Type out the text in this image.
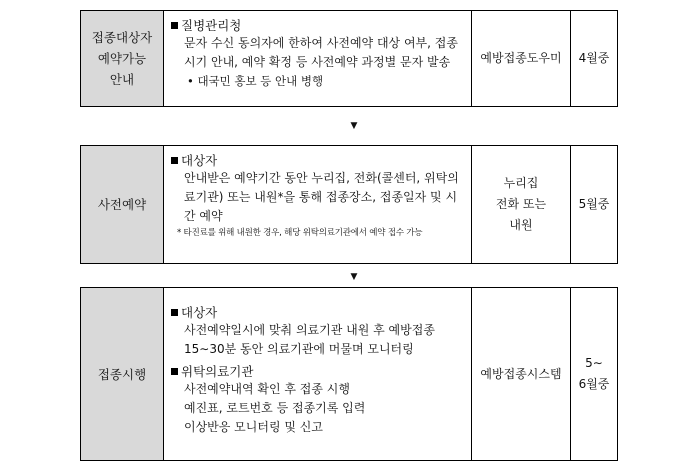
접종대상자
예약가능
안내
질병관리청
문자 수신 동의자에 한하여 사전예약 대상 여부, 접종
시기 안내, 예약 확정 등 사전예약 과정별 문자 발송
• 대국민 홍보 등 안내 병행
예방접종도우미 4월중
▼
사전예약
대상자
안내받은 예약기간 동안 누리집, 전화(콜센터, 위탁의
료기관) 또는 내원*을 통해 접종장소, 접종일자 및 시
간 예약
* 타진료를 위해 내원한 경우, 해당 위탁의료기관에서 예약 접수 가능
누리집
전화 또는
내원
5월중
▼
접종시행
대상자
사전예약일시에 맞춰 의료기관 내원 후 예방접종
15∼30분 동안 의료기관에 머물며 모니터링
위탁의료기관
사전예약내역 확인 후 접종 시행
예진표, 로트번호 등 접종기록 입력
이상반응 모니터링 및 신고
예방접종시스템
5∼
6월중
